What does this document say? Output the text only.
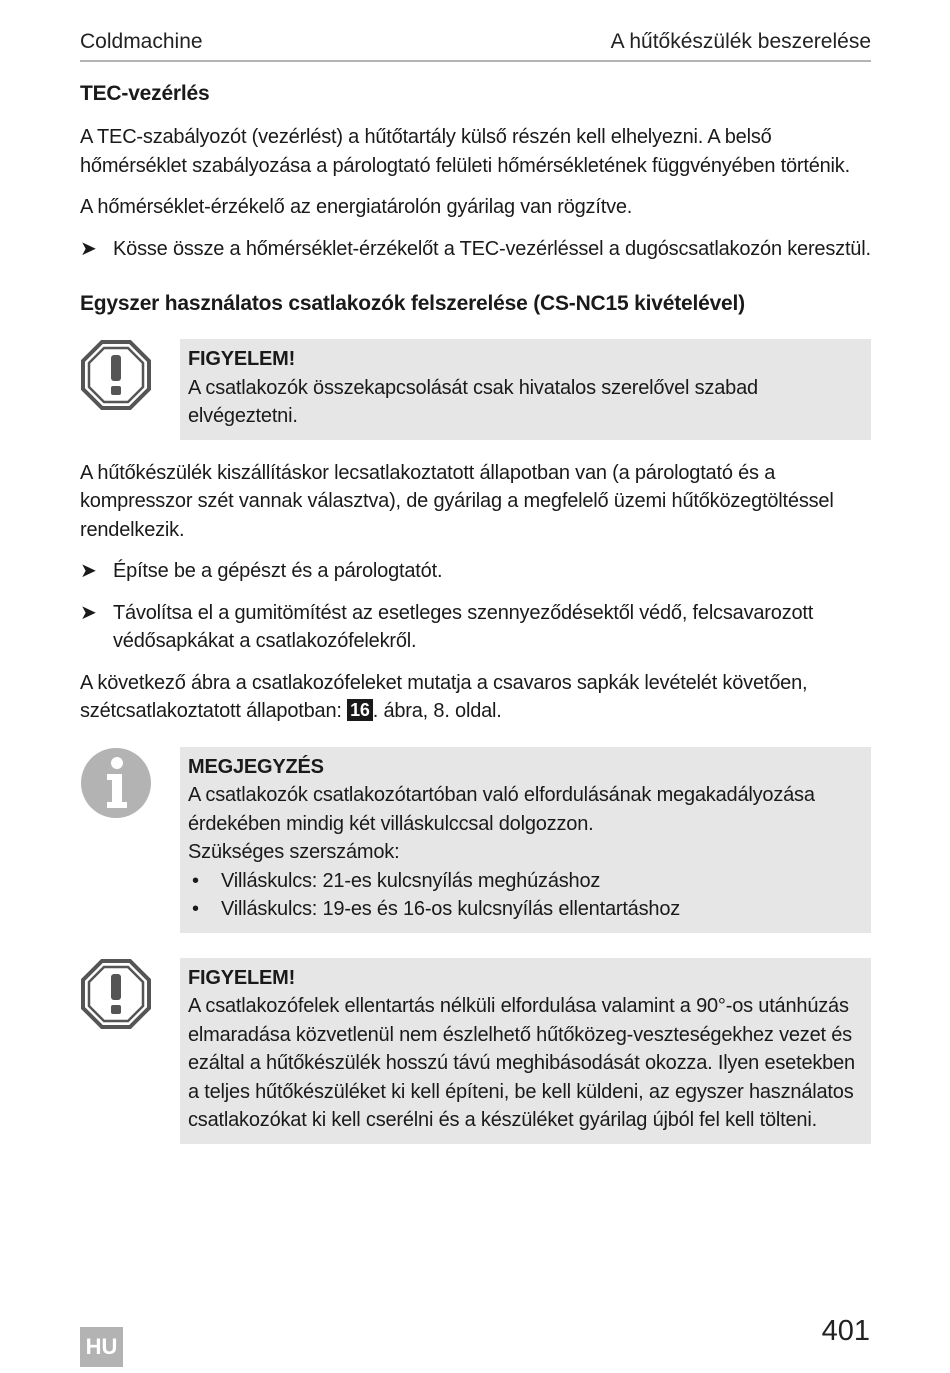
Coldmachine	A hűtőkészülék beszerelése
TEC-vezérlés

A TEC-szabályozót (vezérlést) a hűtőtartály külső részén kell elhelyezni. A belső hőmérséklet szabályozása a párologtató felületi hőmérsékletének függvényében történik.

A hőmérséklet-érzékelő az energiatárolón gyárilag van rögzítve.

➤ Kösse össze a hőmérséklet-érzékelőt a TEC-vezérléssel a dugóscsatlakozón keresztül.
Egyszer használatos csatlakozók felszerelése (CS-NC15 kivételével)
FIGYELEM!
A csatlakozók összekapcsolását csak hivatalos szerelővel szabad elvégeztetni.

A hűtőkészülék kiszállításkor lecsatlakoztatott állapotban van (a párologtató és a kompresszor szét vannak választva), de gyárilag a megfelelő üzemi hűtőközegtöltéssel rendelkezik.

➤ Építse be a gépészt és a párologtatót.
➤ Távolítsa el a gumitömítést az esetleges szennyeződésektől védő, felcsavarozott védősapkákat a csatlakozófelekről.

A következő ábra a csatlakozófeleket mutatja a csavaros sapkák levételét követően, szétcsatlakoztatott állapotban: 16 . ábra, 8. oldal.

MEGJEGYZÉS
A csatlakozók csatlakozótartóban való elfordulásának megakadályozása érdekében mindig két villáskulccsal dolgozzon.
Szükséges szerszámok:
•	Villáskulcs: 21-es kulcsnyílás meghúzáshoz
•	Villáskulcs: 19-es és 16-os kulcsnyílás ellentartáshoz
FIGYELEM!
A csatlakozófelek ellentartás nélküli elfordulása valamint a 90°-os utánhúzás elmaradása közvetlenül nem észlelhető hűtőközeg-veszteségekhez vezet és ezáltal a hűtőkészülék hosszú távú meghibásodását okozza. Ilyen esetekben a teljes hűtőkészüléket ki kell építeni, be kell küldeni, az egyszer használatos csatlakozókat ki kell cserélni és a készüléket gyárilag újból fel kell tölteni.
HU	401
